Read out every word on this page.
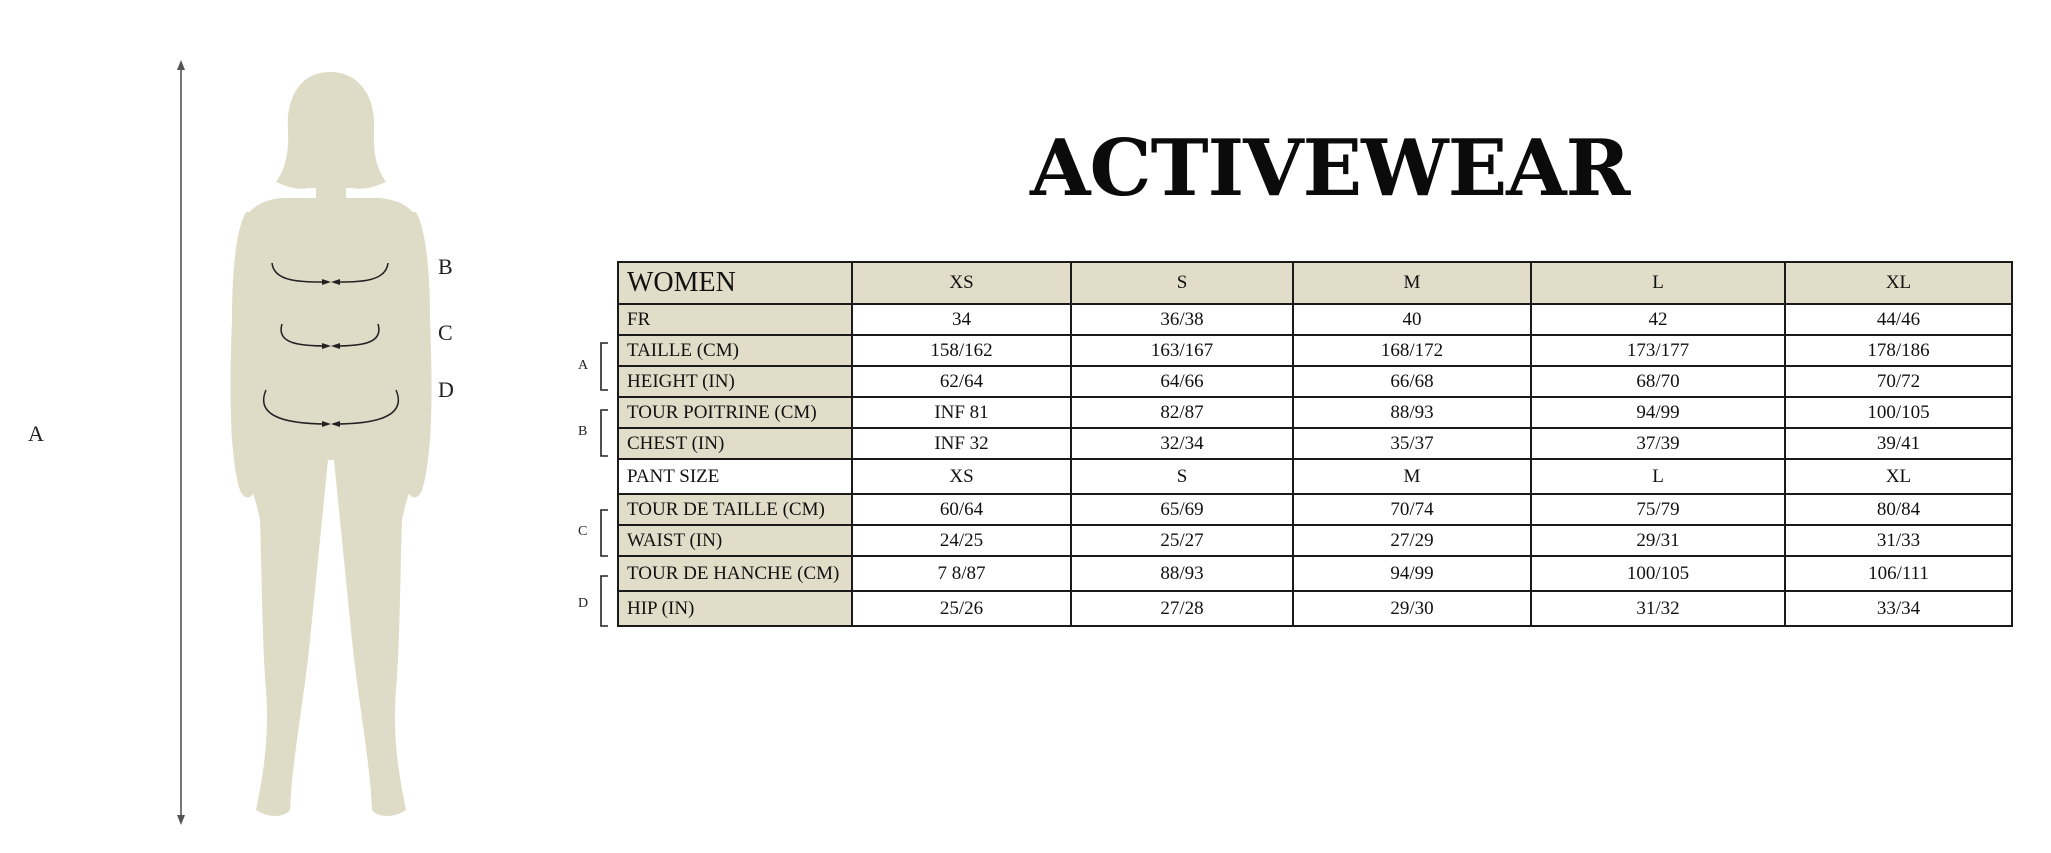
A
B
C
D
ACTIVEWEAR
A
B
C
D
WOMEN	XS	S	M	L	XL
FR	34	36/38	40	42	44/46
TAILLE (CM)	158/162	163/167	168/172	173/177	178/186
HEIGHT (IN)	62/64	64/66	66/68	68/70	70/72
TOUR POITRINE (CM)	INF 81	82/87	88/93	94/99	100/105
CHEST (IN)	INF 32	32/34	35/37	37/39	39/41
PANT SIZE	XS	S	M	L	XL
TOUR DE TAILLE (CM)	60/64	65/69	70/74	75/79	80/84
WAIST (IN)	24/25	25/27	27/29	29/31	31/33
TOUR DE HANCHE (CM)	7 8/87	88/93	94/99	100/105	106/111
HIP (IN)	25/26	27/28	29/30	31/32	33/34
